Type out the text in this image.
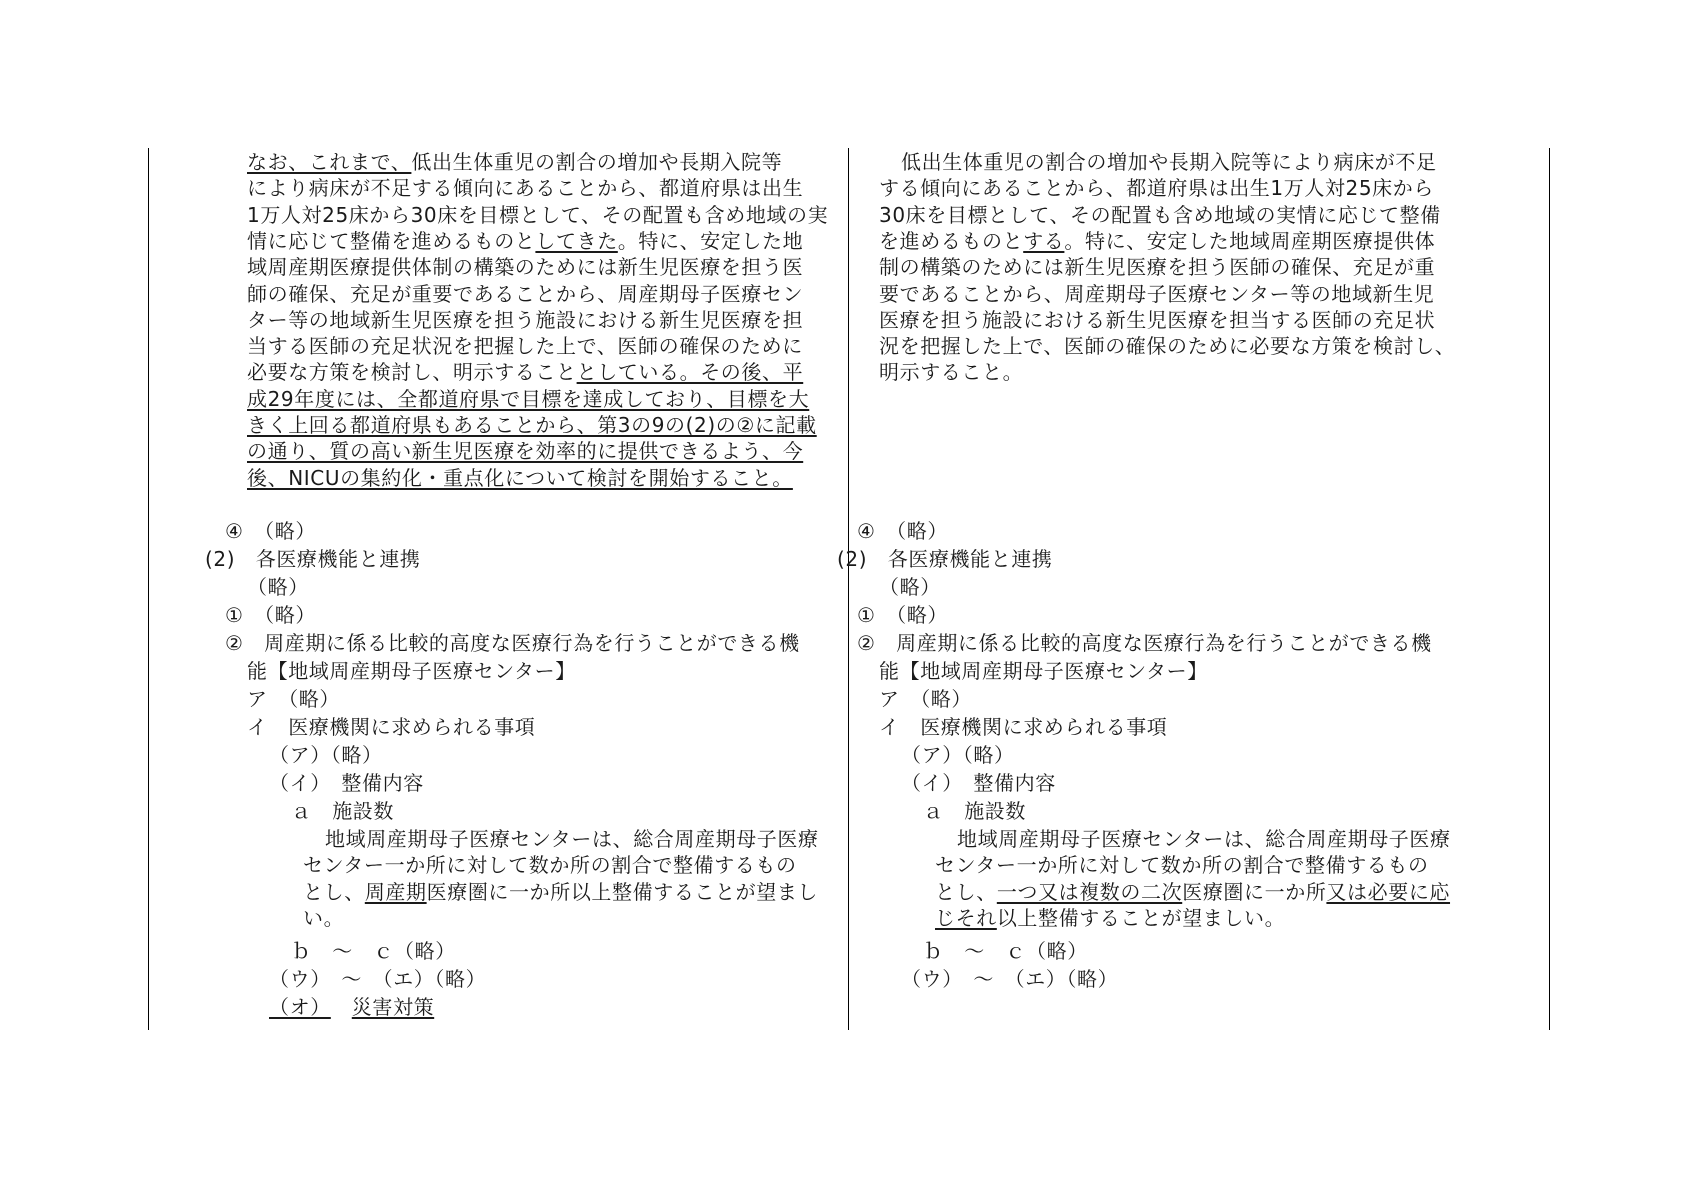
なお、これまで、低出生体重児の割合の増加や長期入院等
により病床が不足する傾向にあることから、都道府県は出生
1万人対25床から30床を目標として、その配置も含め地域の実
情に応じて整備を進めるものとしてきた。特に、安定した地
域周産期医療提供体制の構築のためには新生児医療を担う医
師の確保、充足が重要であることから、周産期母子医療セン
ター等の地域新生児医療を担う施設における新生児医療を担
当する医師の充足状況を把握した上で、医師の確保のために
必要な方策を検討し、明示することとしている。その後、平
成29年度には、全都道府県で目標を達成しており、目標を大
きく上回る都道府県もあることから、第3の9の(2)の②に記載
の通り、質の高い新生児医療を効率的に提供できるよう、今
後、NICUの集約化・重点化について検討を開始すること。
④　（略）
(2)　各医療機能と連携
（略）
①　（略）
②　周産期に係る比較的高度な医療行為を行うことができる機
能【地域周産期母子医療センター】
ア　（略）
イ　医療機関に求められる事項
（ア）（略）
（イ）　整備内容
ａ　施設数
地域周産期母子医療センターは、総合周産期母子医療
センター一か所に対して数か所の割合で整備するもの
とし、周産期医療圏に一か所以上整備することが望まし
い。
ｂ　～　ｃ（略）
（ウ）　～　（エ）（略）
（オ） 災害対策
低出生体重児の割合の増加や長期入院等により病床が不足
する傾向にあることから、都道府県は出生1万人対25床から
30床を目標として、その配置も含め地域の実情に応じて整備
を進めるものとする。特に、安定した地域周産期医療提供体
制の構築のためには新生児医療を担う医師の確保、充足が重
要であることから、周産期母子医療センター等の地域新生児
医療を担う施設における新生児医療を担当する医師の充足状
況を把握した上で、医師の確保のために必要な方策を検討し、
明示すること。
④　（略）
(2)　各医療機能と連携
（略）
①　（略）
②　周産期に係る比較的高度な医療行為を行うことができる機
能【地域周産期母子医療センター】
ア　（略）
イ　医療機関に求められる事項
（ア）（略）
（イ）　整備内容
ａ　施設数
地域周産期母子医療センターは、総合周産期母子医療
センター一か所に対して数か所の割合で整備するもの
とし、一つ又は複数の二次医療圏に一か所又は必要に応
じそれ以上整備することが望ましい。
ｂ　～　ｃ（略）
（ウ）　～　（エ）（略）
